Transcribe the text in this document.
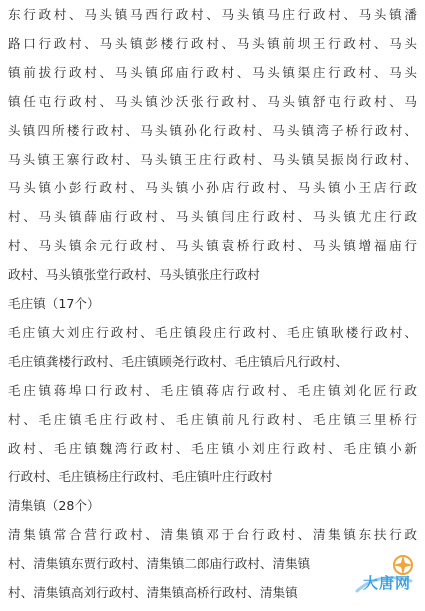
东行政村、马头镇马西行政村、马头镇马庄行政村、马头镇潘
路口行政村、马头镇彭楼行政村、马头镇前坝王行政村、马头
镇前拔行政村、马头镇邱庙行政村、马头镇渠庄行政村、马头
镇任屯行政村、马头镇沙沃张行政村、马头镇舒屯行政村、马
头镇四所楼行政村、马头镇孙化行政村、马头镇湾子桥行政村、
马头镇王寨行政村、马头镇王庄行政村、马头镇吴振岗行政村、
马头镇小彭行政村、马头镇小孙店行政村、马头镇小王店行政
村、马头镇薛庙行政村、马头镇闫庄行政村、马头镇尤庄行政
村、马头镇余元行政村、马头镇袁桥行政村、马头镇增福庙行
政村、马头镇张堂行政村、马头镇张庄行政村
毛庄镇（17个）
毛庄镇大刘庄行政村、毛庄镇段庄行政村、毛庄镇耿楼行政村、
毛庄镇龚楼行政村、毛庄镇顾尧行政村、毛庄镇后凡行政村、
毛庄镇蒋埠口行政村、毛庄镇蒋店行政村、毛庄镇刘化匠行政
村、毛庄镇毛庄行政村、毛庄镇前凡行政村、毛庄镇三里桥行
政村、毛庄镇魏湾行政村、毛庄镇小刘庄行政村、毛庄镇小新
行政村、毛庄镇杨庄行政村、毛庄镇叶庄行政村
清集镇（28个）
清集镇常合营行政村、清集镇邓于台行政村、清集镇东扶行政
村、清集镇东贾行政村、清集镇二郎庙行政村、清集镇
村、清集镇高刘行政村、清集镇高桥行政村、清集镇
大唐网
